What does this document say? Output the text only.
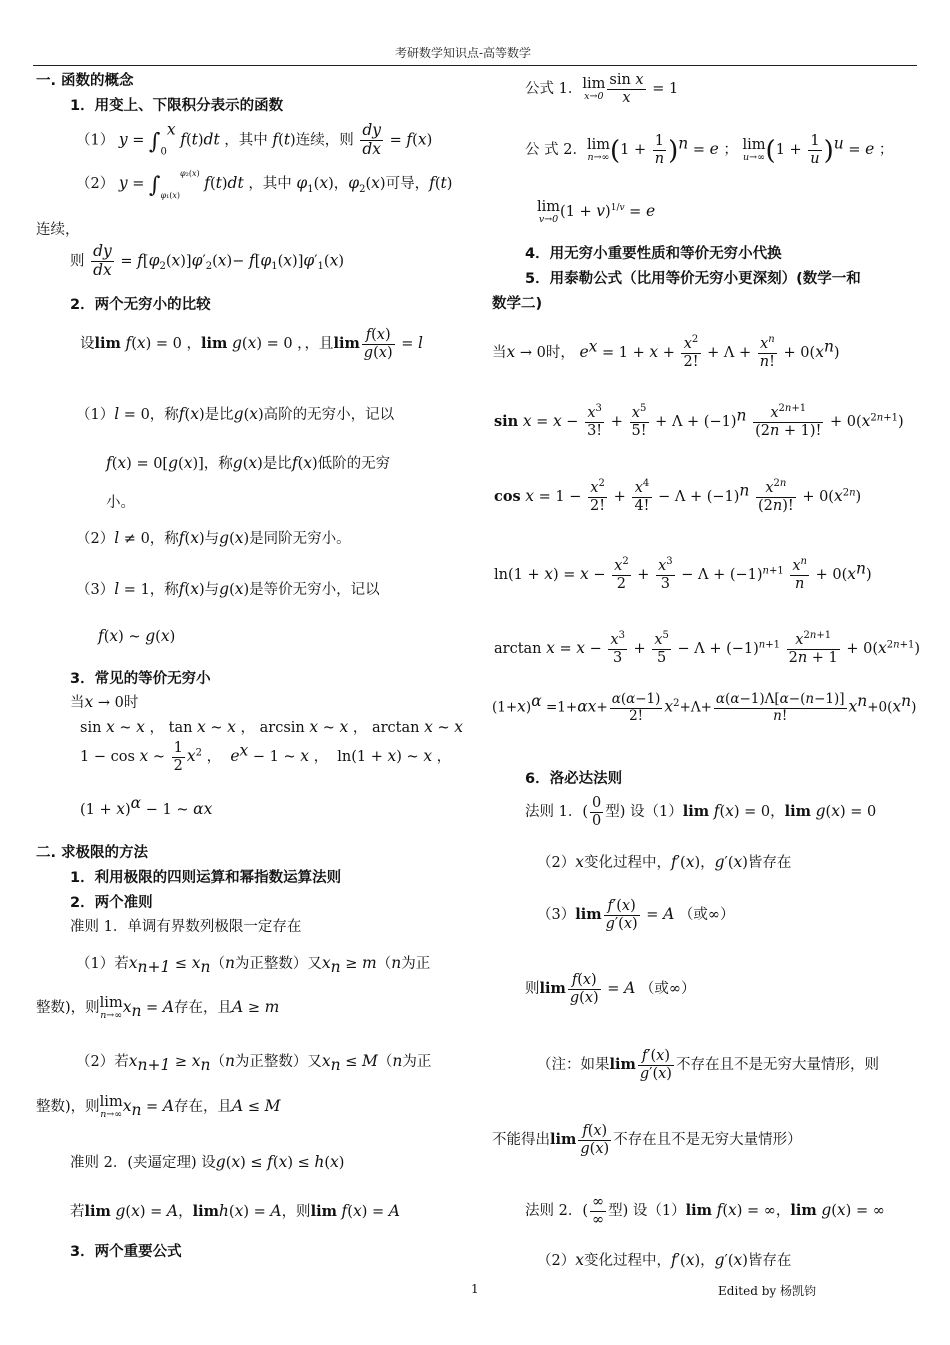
考研数学知识点-高等数学
一. 函数的概念
1．用变上、下限积分表示的函数
（1） $y = \int_0^x$ f(t)dt ，其中 f(t)连续，则 $\frac{dy}{dx} = f(x)$
（2） $y = \int_{\varphi_1(x)}^{\varphi_2(x)}$ f(t)dt ，其中 $\varphi_1(x)$，$\varphi_2(x)$可导，f(t)
连续，
则 $\frac{dy}{dx} = f[\varphi_2(x)]\varphi'_2(x)- f[\varphi_1(x)]\varphi'_1(x)$
2．两个无穷小的比较
设lim f(x) = 0 ，lim g(x) = 0 ，，且$\lim \frac{f(x)}{g(x)} = l$
（1）l = 0，称f(x)是比g(x)高阶的无穷小，记以
f(x) = 0[g(x)]，称g(x)是比f(x)低阶的无穷
小。
（2）l ≠ 0，称f(x)与g(x)是同阶无穷小。
（3）l = 1，称f(x)与g(x)是等价无穷小，记以
f(x) ~ g(x)
3．常见的等价无穷小
当x → 0时
sin x ~ x ， tan x ~ x ， arcsin x ~ x ， arctan x ~ x
1 − cos x ~ $\frac{1}{2} x^2$ ，  $e^x - 1$ ~ x ，  ln(1 + x) ~ x ，
$(1 + x)^\alpha - 1$ ~ αx
二. 求极限的方法
1．利用极限的四则运算和幂指数运算法则
2．两个准则
准则 1．单调有界数列极限一定存在
（1）若$x_{n+1} \le x_n(n$为正整数）又$x_n \ge m(n$为正
整数)，则 lim
n→∞ $x_n = A$存在，且A ≥ m
（2）若$x_{n+1} \ge x_n(n$为正整数）又$x_n \le M(n$为正
整数)，则 lim
n→∞ $x_n = A$存在，且A ≤ M
准则 2．(夹逼定理) 设g(x) ≤ f(x) ≤ h(x)
若lim g(x) = A，limh(x) = A，则lim f(x) = A
3．两个重要公式
公式 1． lim
$x\to 0 \frac{\text{sin x}}{x} = 1$
公 式 2． lim
n→∞ $(1 + \frac{1}{n} )^n = e$ ； lim
u→∞ $(1 + \frac{1}{u} )^u = e$ ；
lim
v→0 $(1 + v)^{1/v} = e$
4．用无穷小重要性质和等价无穷小代换
5．用泰勒公式（比用等价无穷小更深刻）(数学一和
数学二)
当x → 0时， $e^x = 1 + x + \frac{x^2}{2!} + \Lambda + \frac{x^n}{n!} + 0(x^n)$
$\sin x = x - \frac{x^3}{3!} + \frac{x^5}{5!} + \Lambda + (-1)^n \frac{x^{2n+1}}{(2n + 1)!} + 0(x^{2n+1})$
$\cos x = 1 - \frac{x^2}{2!} + \frac{x^4}{4!} - \Lambda + (-1)^n \frac{x^{2n}}{(2n)!} + 0(x^{2n})$
$\ln(1 + x) = x - \frac{x^2}{2} + \frac{x^3}{3} - \Lambda + (-1)^{n+1} \frac{x^n}{n} + 0(x^n)$
$\arctan x = x - \frac{x^3}{3} + \frac{x^5}{5} - \Lambda + (-1)^{n+1} \frac{x^{2n+1}}{2n + 1} + 0(x^{2n+1})$
$(1+x)^\alpha =1+\alpha x+ \frac{\alpha(\alpha-1)}{2!} x^2+\Lambda+ \frac{\alpha(\alpha-1)\Lambda[\alpha-(n-1)]}{n!} x^n+0(x^n)$
6．洛必达法则
法则 1．( $\frac{0}{0}$ 型) 设（1）lim f(x) = 0，lim g(x) = 0
（2）x变化过程中，f′(x)，g′(x)皆存在
$(3)\lim \frac{f'(x)}{g'(x)} = A$ （或∞）
则$\lim \frac{f(x)}{g(x)} = A$ （或∞）
（注：如果$\lim \frac{f'(x)}{g'(x)}$ 不存在且不是无穷大量情形，则
不能得出$\lim \frac{f(x)}{g(x)}$ 不存在且不是无穷大量情形）
法则 2．( $\frac{\infty}{\infty}$ 型) 设（1）lim f(x) = ∞，lim g(x) = ∞
（2）x变化过程中，f′(x)，g′(x)皆存在
1	Edited by 杨凯钧
